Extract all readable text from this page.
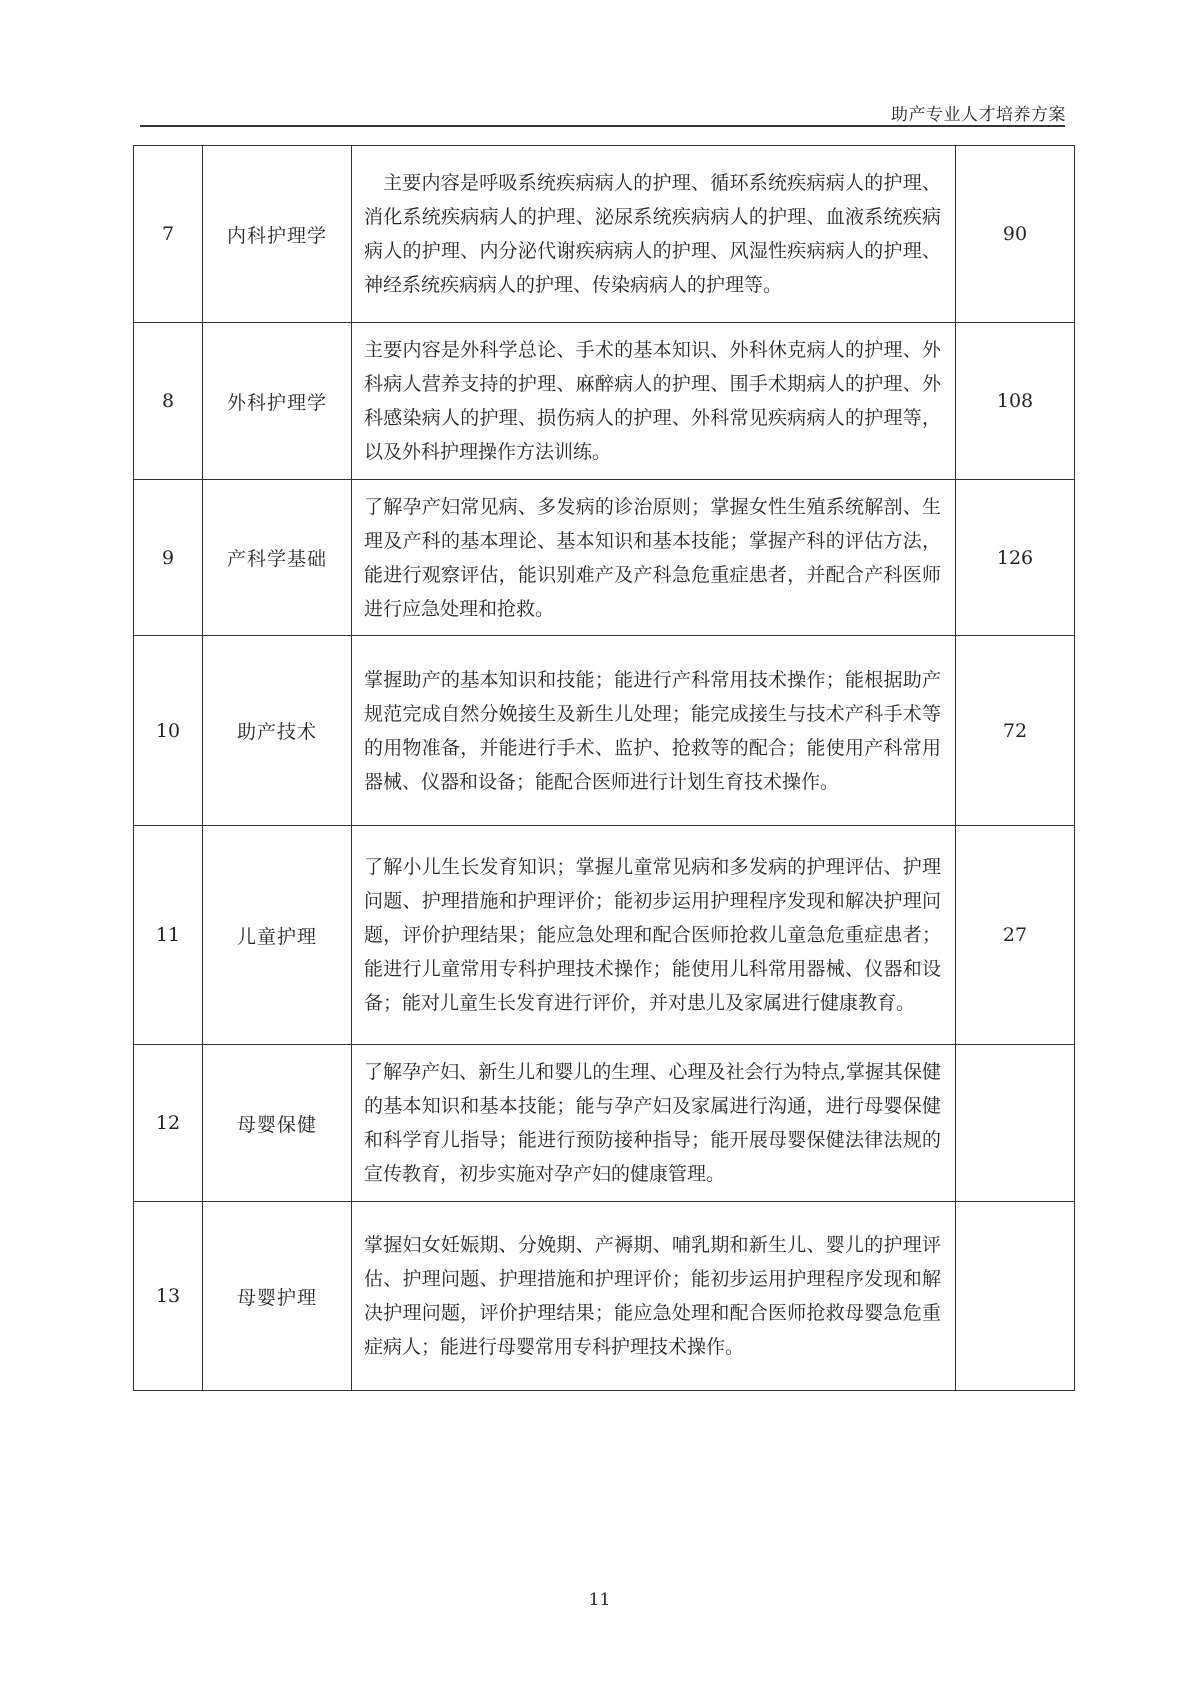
助产专业人才培养方案
7	内科护理学	主要内容是呼吸系统疾病病人的护理、循环系统疾病病人的护理、消化系统疾病病人的护理、泌尿系统疾病病人的护理、血液系统疾病病人的护理、内分泌代谢疾病病人的护理、风湿性疾病病人的护理、神经系统疾病病人的护理、传染病病人的护理等。	90
8	外科护理学	主要内容是外科学总论、手术的基本知识、外科休克病人的护理、外科病人营养支持的护理、麻醉病人的护理、围手术期病人的护理、外科感染病人的护理、损伤病人的护理、外科常见疾病病人的护理等，以及外科护理操作方法训练。	108
9	产科学基础	了解孕产妇常见病、多发病的诊治原则；掌握女性生殖系统解剖、生理及产科的基本理论、基本知识和基本技能；掌握产科的评估方法，能进行观察评估，能识别难产及产科急危重症患者，并配合产科医师进行应急处理和抢救。	126
10	助产技术	掌握助产的基本知识和技能；能进行产科常用技术操作；能根据助产规范完成自然分娩接生及新生儿处理；能完成接生与技术产科手术等的用物准备，并能进行手术、监护、抢救等的配合；能使用产科常用器械、仪器和设备；能配合医师进行计划生育技术操作。	72
11	儿童护理	了解小儿生长发育知识；掌握儿童常见病和多发病的护理评估、护理问题、护理措施和护理评价；能初步运用护理程序发现和解决护理问题，评价护理结果；能应急处理和配合医师抢救儿童急危重症患者；能进行儿童常用专科护理技术操作；能使用儿科常用器械、仪器和设备；能对儿童生长发育进行评价，并对患儿及家属进行健康教育。	27
12	母婴保健	了解孕产妇、新生儿和婴儿的生理、心理及社会行为特点,掌握其保健的基本知识和基本技能；能与孕产妇及家属进行沟通，进行母婴保健和科学育儿指导；能进行预防接种指导；能开展母婴保健法律法规的宣传教育，初步实施对孕产妇的健康管理。	
13	母婴护理	掌握妇女妊娠期、分娩期、产褥期、哺乳期和新生儿、婴儿的护理评估、护理问题、护理措施和护理评价；能初步运用护理程序发现和解决护理问题，评价护理结果；能应急处理和配合医师抢救母婴急危重症病人；能进行母婴常用专科护理技术操作。	
11
